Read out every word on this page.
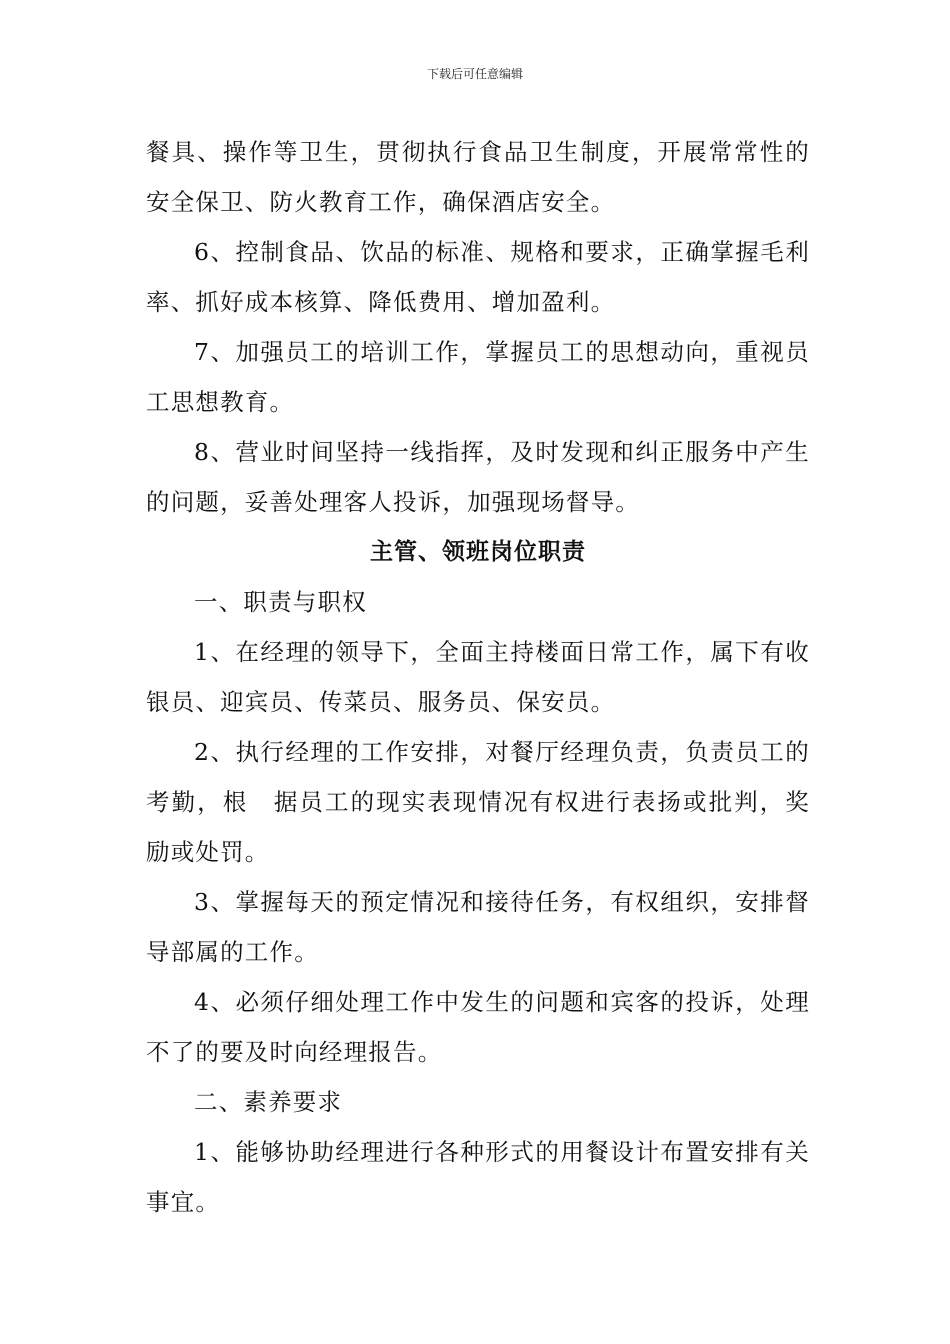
下载后可任意编辑

餐具、操作等卫生，贯彻执行食品卫生制度，开展常常性的安全保卫、防火教育工作，确保酒店安全。

6、控制食品、饮品的标准、规格和要求，正确掌握毛利率、抓好成本核算、降低费用、增加盈利。

7、加强员工的培训工作，掌握员工的思想动向，重视员工思想教育。

8、营业时间坚持一线指挥，及时发现和纠正服务中产生的问题，妥善处理客人投诉，加强现场督导。

主管、领班岗位职责

一、职责与职权

1、在经理的领导下，全面主持楼面日常工作，属下有收银员、迎宾员、传菜员、服务员、保安员。

2、执行经理的工作安排，对餐厅经理负责，负责员工的考勤，根　据员工的现实表现情况有权进行表扬或批判，奖励或处罚。

3、掌握每天的预定情况和接待任务，有权组织，安排督导部属的工作。

4、必须仔细处理工作中发生的问题和宾客的投诉，处理不了的要及时向经理报告。

二、素养要求

1、能够协助经理进行各种形式的用餐设计布置安排有关事宜。
